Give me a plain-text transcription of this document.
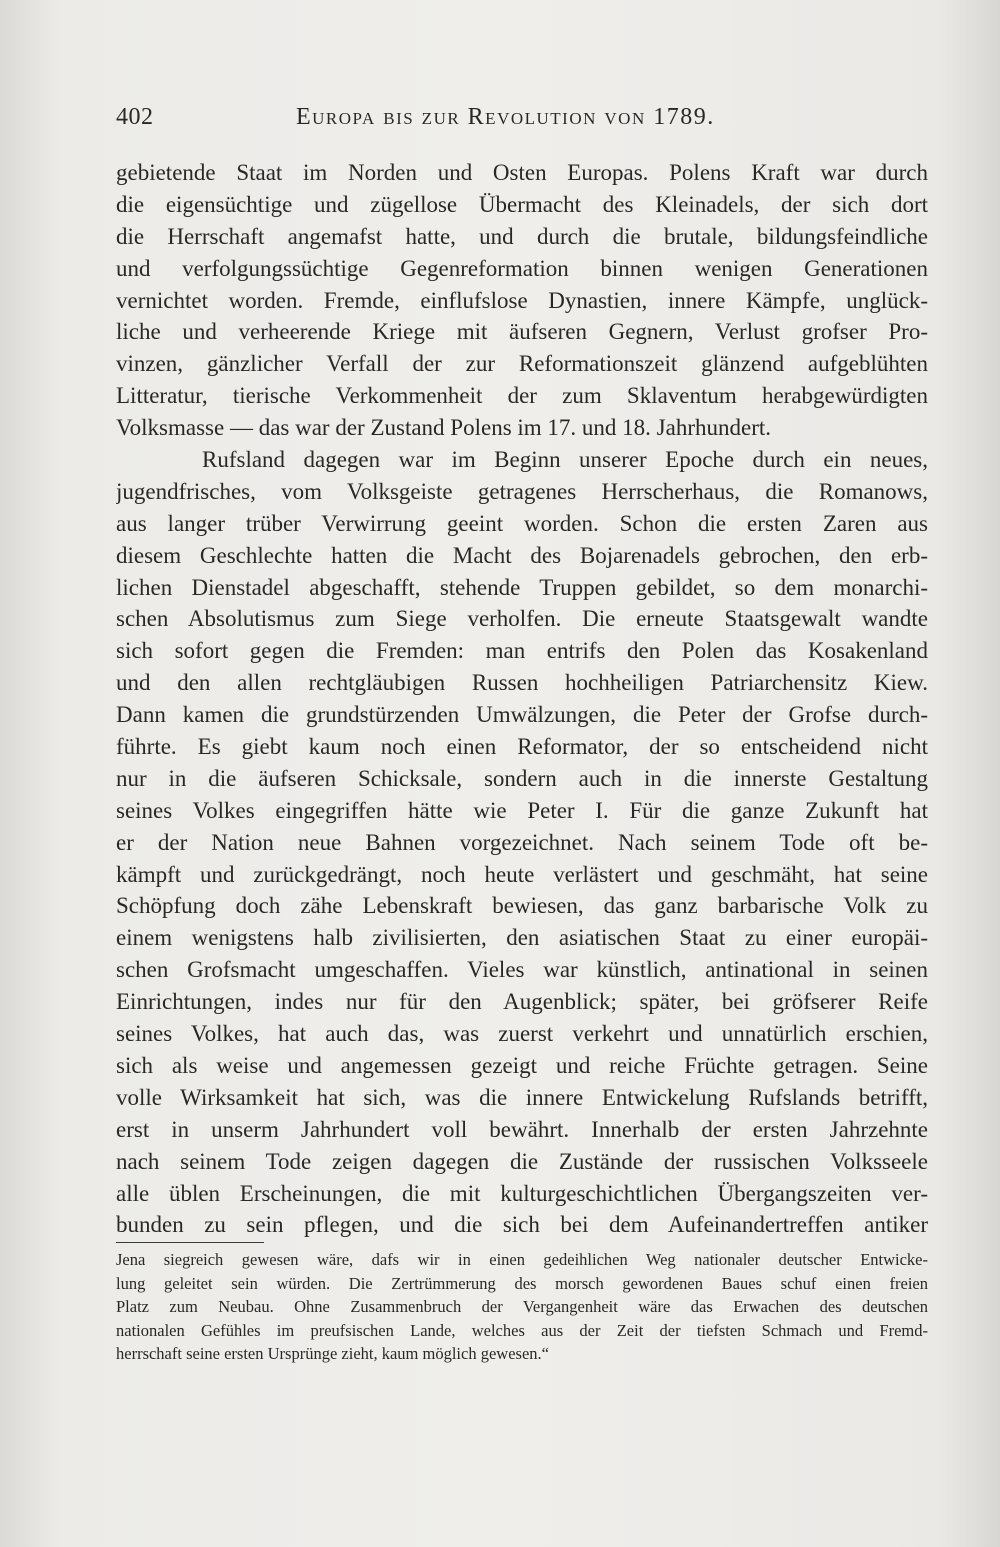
402	Europa bis zur Revolution von 1789.
gebietende Staat im Norden und Osten Europas. Polens Kraft war durch
die eigensüchtige und zügellose Übermacht des Kleinadels, der sich dort
die Herrschaft angemafst hatte, und durch die brutale, bildungsfeindliche
und verfolgungssüchtige Gegenreformation binnen wenigen Generationen
vernichtet worden. Fremde, einflufslose Dynastien, innere Kämpfe, unglück-
liche und verheerende Kriege mit äufseren Gegnern, Verlust grofser Pro-
vinzen, gänzlicher Verfall der zur Reformationszeit glänzend aufgeblühten
Litteratur, tierische Verkommenheit der zum Sklaventum herabgewürdigten
Volksmasse — das war der Zustand Polens im 17. und 18. Jahrhundert.
Rufsland dagegen war im Beginn unserer Epoche durch ein neues,
jugendfrisches, vom Volksgeiste getragenes Herrscherhaus, die Romanows,
aus langer trüber Verwirrung geeint worden. Schon die ersten Zaren aus
diesem Geschlechte hatten die Macht des Bojarenadels gebrochen, den erb-
lichen Dienstadel abgeschafft, stehende Truppen gebildet, so dem monarchi-
schen Absolutismus zum Siege verholfen. Die erneute Staatsgewalt wandte
sich sofort gegen die Fremden: man entrifs den Polen das Kosakenland
und den allen rechtgläubigen Russen hochheiligen Patriarchensitz Kiew.
Dann kamen die grundstürzenden Umwälzungen, die Peter der Grofse durch-
führte. Es giebt kaum noch einen Reformator, der so entscheidend nicht
nur in die äufseren Schicksale, sondern auch in die innerste Gestaltung
seines Volkes eingegriffen hätte wie Peter I. Für die ganze Zukunft hat
er der Nation neue Bahnen vorgezeichnet. Nach seinem Tode oft be-
kämpft und zurückgedrängt, noch heute verlästert und geschmäht, hat seine
Schöpfung doch zähe Lebenskraft bewiesen, das ganz barbarische Volk zu
einem wenigstens halb zivilisierten, den asiatischen Staat zu einer europäi-
schen Grofsmacht umgeschaffen. Vieles war künstlich, antinational in seinen
Einrichtungen, indes nur für den Augenblick; später, bei gröfserer Reife
seines Volkes, hat auch das, was zuerst verkehrt und unnatürlich erschien,
sich als weise und angemessen gezeigt und reiche Früchte getragen. Seine
volle Wirksamkeit hat sich, was die innere Entwickelung Rufslands betrifft,
erst in unserm Jahrhundert voll bewährt. Innerhalb der ersten Jahrzehnte
nach seinem Tode zeigen dagegen die Zustände der russischen Volksseele
alle üblen Erscheinungen, die mit kulturgeschichtlichen Übergangszeiten ver-
bunden zu sein pflegen, und die sich bei dem Aufeinandertreffen antiker
Jena siegreich gewesen wäre, dafs wir in einen gedeihlichen Weg nationaler deutscher Entwicke-
lung geleitet sein würden. Die Zertrümmerung des morsch gewordenen Baues schuf einen freien
Platz zum Neubau. Ohne Zusammenbruch der Vergangenheit wäre das Erwachen des deutschen
nationalen Gefühles im preufsischen Lande, welches aus der Zeit der tiefsten Schmach und Fremd-
herrschaft seine ersten Ursprünge zieht, kaum möglich gewesen.“
